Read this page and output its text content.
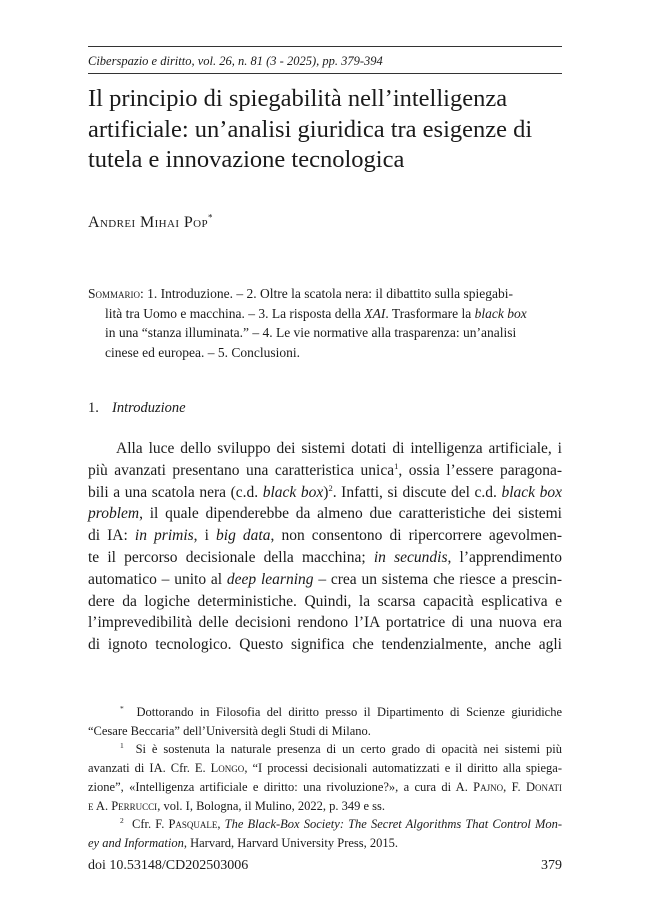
Ciberspazio e diritto, vol. 26, n. 81 (3 - 2025), pp. 379-394
Il principio di spiegabilità nell’intelligenza
artificiale: un’analisi giuridica tra esigenze di
tutela e innovazione tecnologica
Andrei Mihai Pop*
Sommario: 1. Introduzione. – 2. Oltre la scatola nera: il dibattito sulla spiegabi-
lità tra Uomo e macchina. – 3. La risposta della XAI. Trasformare la black box
in una “stanza illuminata.” – 4. Le vie normative alla trasparenza: un’analisi
cinese ed europea. – 5. Conclusioni.
1. Introduzione
Alla luce dello sviluppo dei sistemi dotati di intelligenza artificiale, i
più avanzati presentano una caratteristica unica$^1$, ossia l’essere paragona-
bili a una scatola nera (c.d. black box)$^2$. Infatti, si discute del c.d. black box
problem, il quale dipenderebbe da almeno due caratteristiche dei sistemi
di IA: in primis, i big data, non consentono di ripercorrere agevolmen-
te il percorso decisionale della macchina; in secundis, l’apprendimento
automatico – unito al deep learning – crea un sistema che riesce a prescin-
dere da logiche deterministiche. Quindi, la scarsa capacità esplicativa e
l’imprevedibilità delle decisioni rendono l’IA portatrice di una nuova era
di ignoto tecnologico. Questo significa che tendenzialmente, anche agli
* Dottorando in Filosofia del diritto presso il Dipartimento di Scienze giuridiche
“Cesare Beccaria” dell’Università degli Studi di Milano.
$^1$ Si è sostenuta la naturale presenza di un certo grado di opacità nei sistemi più
avanzati di IA. Cfr. E. Longo, “I processi decisionali automatizzati e il diritto alla spiega-
zione”, «Intelligenza artificiale e diritto: una rivoluzione?», a cura di A. Pajno, F. Donati
e A. Perrucci, vol. I, Bologna, il Mulino, 2022, p. 349 e ss.
$^2$ Cfr. F. Pasquale, The Black-Box Society: The Secret Algorithms That Control Mon-
ey and Information, Harvard, Harvard University Press, 2015.
doi 10.53148/CD202503006	379
